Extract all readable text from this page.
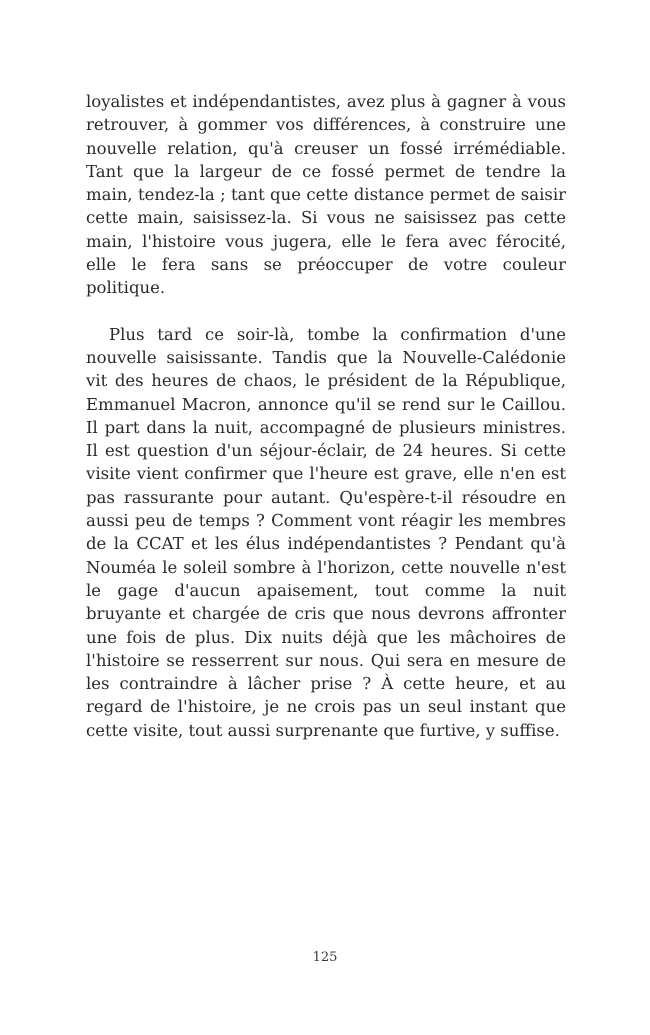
loyalistes et indépendantistes, avez plus à gagner à vous retrouver, à gommer vos différences, à construire une nouvelle relation, qu'à creuser un fossé irrémédiable. Tant que la largeur de ce fossé permet de tendre la main, tendez-la ; tant que cette distance permet de saisir cette main, saisissez-la. Si vous ne saisissez pas cette main, l'histoire vous jugera, elle le fera avec férocité, elle le fera sans se préoccuper de votre couleur politique.

Plus tard ce soir-là, tombe la confirmation d'une nouvelle saisissante. Tandis que la Nouvelle-Calédonie vit des heures de chaos, le président de la République, Emmanuel Macron, annonce qu'il se rend sur le Caillou. Il part dans la nuit, accompagné de plusieurs ministres. Il est question d'un séjour-éclair, de 24 heures. Si cette visite vient confirmer que l'heure est grave, elle n'en est pas rassurante pour autant. Qu'espère-t-il résoudre en aussi peu de temps ? Comment vont réagir les membres de la CCAT et les élus indépendantistes ? Pendant qu'à Nouméa le soleil sombre à l'horizon, cette nouvelle n'est le gage d'aucun apaisement, tout comme la nuit bruyante et chargée de cris que nous devrons affronter une fois de plus. Dix nuits déjà que les mâchoires de l'histoire se resserrent sur nous. Qui sera en mesure de les contraindre à lâcher prise ? À cette heure, et au regard de l'histoire, je ne crois pas un seul instant que cette visite, tout aussi surprenante que furtive, y suffise.

125
